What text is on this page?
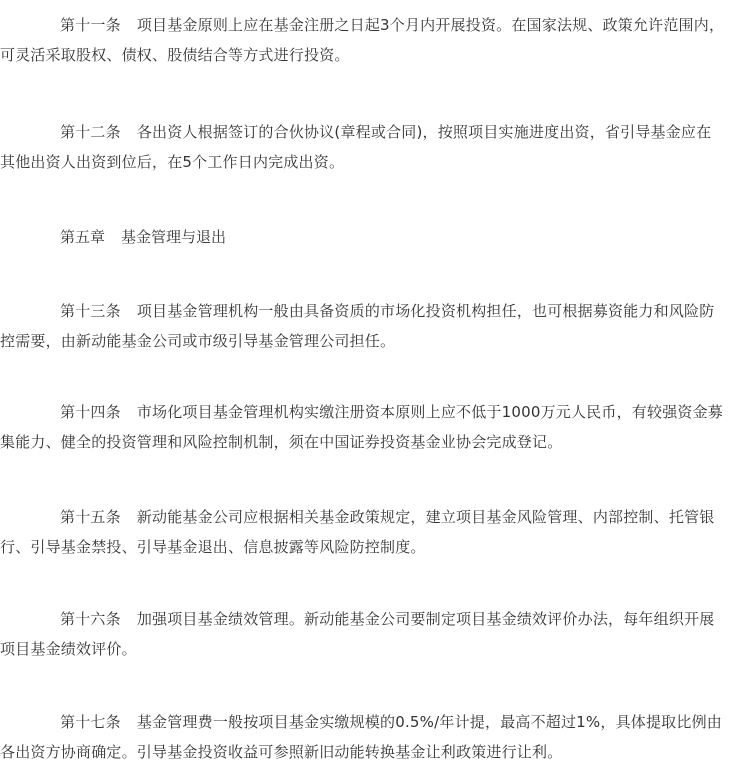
第十一条 项目基金原则上应在基金注册之日起3个月内开展投资。在国家法规、政策允许范围内，可灵活采取股权、债权、股债结合等方式进行投资。

第十二条 各出资人根据签订的合伙协议(章程或合同)，按照项目实施进度出资，省引导基金应在其他出资人出资到位后，在5个工作日内完成出资。

第五章 基金管理与退出

第十三条 项目基金管理机构一般由具备资质的市场化投资机构担任，也可根据募资能力和风险防控需要，由新动能基金公司或市级引导基金管理公司担任。

第十四条 市场化项目基金管理机构实缴注册资本原则上应不低于1000万元人民币，有较强资金募集能力、健全的投资管理和风险控制机制，须在中国证券投资基金业协会完成登记。

第十五条 新动能基金公司应根据相关基金政策规定，建立项目基金风险管理、内部控制、托管银行、引导基金禁投、引导基金退出、信息披露等风险防控制度。

第十六条 加强项目基金绩效管理。新动能基金公司要制定项目基金绩效评价办法，每年组织开展项目基金绩效评价。

第十七条 基金管理费一般按项目基金实缴规模的0.5%/年计提，最高不超过1%，具体提取比例由各出资方协商确定。引导基金投资收益可参照新旧动能转换基金让利政策进行让利。
